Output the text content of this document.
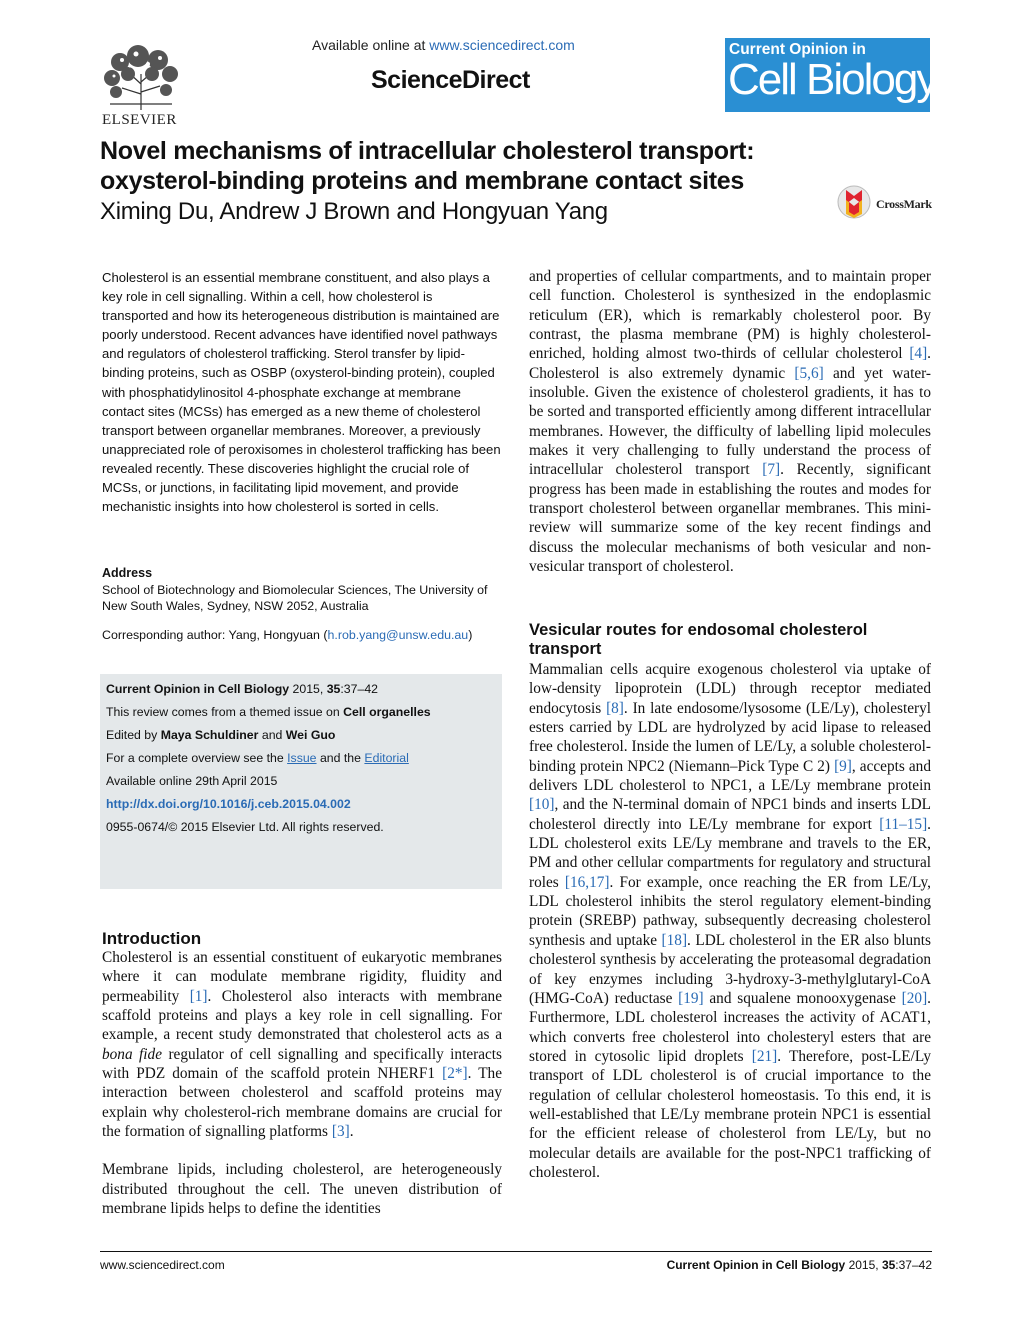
ELSEVIER
Available online at www.sciencedirect.com
ScienceDirect
Current Opinion in
Cell Biology
Novel mechanisms of intracellular cholesterol transport: oxysterol-binding proteins and membrane contact sites
Ximing Du, Andrew J Brown and Hongyuan Yang	CrossMark

Cholesterol is an essential membrane constituent, and also plays a key role in cell signalling. Within a cell, how cholesterol is transported and how its heterogeneous distribution is maintained are poorly understood. Recent advances have identified novel pathways and regulators of cholesterol trafficking. Sterol transfer by lipid-binding proteins, such as OSBP (oxysterol-binding protein), coupled with phosphatidylinositol 4-phosphate exchange at membrane contact sites (MCSs) has emerged as a new theme of cholesterol transport between organellar membranes. Moreover, a previously unappreciated role of peroxisomes in cholesterol trafficking has been revealed recently. These discoveries highlight the crucial role of MCSs, or junctions, in facilitating lipid movement, and provide mechanistic insights into how cholesterol is sorted in cells.

Address
School of Biotechnology and Biomolecular Sciences, The University of New South Wales, Sydney, NSW 2052, Australia
Corresponding author: Yang, Hongyuan (h.rob.yang@unsw.edu.au)
Current Opinion in Cell Biology 2015, 35:37–42
This review comes from a themed issue on Cell organelles
Edited by Maya Schuldiner and Wei Guo
For a complete overview see the Issue and the Editorial
Available online 29th April 2015
http://dx.doi.org/10.1016/j.ceb.2015.04.002
0955-0674/© 2015 Elsevier Ltd. All rights reserved.
Introduction

Cholesterol is an essential constituent of eukaryotic membranes where it can modulate membrane rigidity, fluidity and permeability [1]. Cholesterol also interacts with membrane scaffold proteins and plays a key role in cell signalling. For example, a recent study demonstrated that cholesterol acts as a bona fide regulator of cell signalling and specifically interacts with PDZ domain of the scaffold protein NHERF1 [2*]. The interaction between cholesterol and scaffold proteins may explain why cholesterol-rich membrane domains are crucial for the formation of signalling platforms [3].

Membrane lipids, including cholesterol, are heterogeneously distributed throughout the cell. The uneven distribution of membrane lipids helps to define the identities

and properties of cellular compartments, and to maintain proper cell function. Cholesterol is synthesized in the endoplasmic reticulum (ER), which is remarkably cholesterol poor. By contrast, the plasma membrane (PM) is highly cholesterol-enriched, holding almost two-thirds of cellular cholesterol [4]. Cholesterol is also extremely dynamic [5,6] and yet water-insoluble. Given the existence of cholesterol gradients, it has to be sorted and transported efficiently among different intracellular membranes. However, the difficulty of labelling lipid molecules makes it very challenging to fully understand the process of intracellular cholesterol transport [7]. Recently, significant progress has been made in establishing the routes and modes for transport cholesterol between organellar membranes. This mini-review will summarize some of the key recent findings and discuss the molecular mechanisms of both vesicular and non-vesicular transport of cholesterol.
Vesicular routes for endosomal cholesterol transport
Mammalian cells acquire exogenous cholesterol via uptake of low-density lipoprotein (LDL) through receptor mediated endocytosis [8]. In late endosome/lysosome (LE/Ly), cholesteryl esters carried by LDL are hydrolyzed by acid lipase to released free cholesterol. Inside the lumen of LE/Ly, a soluble cholesterol-binding protein NPC2 (Niemann–Pick Type C 2) [9], accepts and delivers LDL cholesterol to NPC1, a LE/Ly membrane protein [10], and the N-terminal domain of NPC1 binds and inserts LDL cholesterol directly into LE/Ly membrane for export [11–15]. LDL cholesterol exits LE/Ly membrane and travels to the ER, PM and other cellular compartments for regulatory and structural roles [16,17]. For example, once reaching the ER from LE/Ly, LDL cholesterol inhibits the sterol regulatory element-binding protein (SREBP) pathway, subsequently decreasing cholesterol synthesis and uptake [18]. LDL cholesterol in the ER also blunts cholesterol synthesis by accelerating the proteasomal degradation of key enzymes including 3-hydroxy-3-methylglutaryl-CoA (HMG-CoA) reductase [19] and squalene monooxygenase [20]. Furthermore, LDL cholesterol increases the activity of ACAT1, which converts free cholesterol into cholesteryl esters that are stored in cytosolic lipid droplets [21]. Therefore, post-LE/Ly transport of LDL cholesterol is of crucial importance to the regulation of cellular cholesterol homeostasis. To this end, it is well-established that LE/Ly membrane protein NPC1 is essential for the efficient release of cholesterol from LE/Ly, but no molecular details are available for the post-NPC1 trafficking of cholesterol.
www.sciencedirect.com	Current Opinion in Cell Biology 2015, 35:37–42
